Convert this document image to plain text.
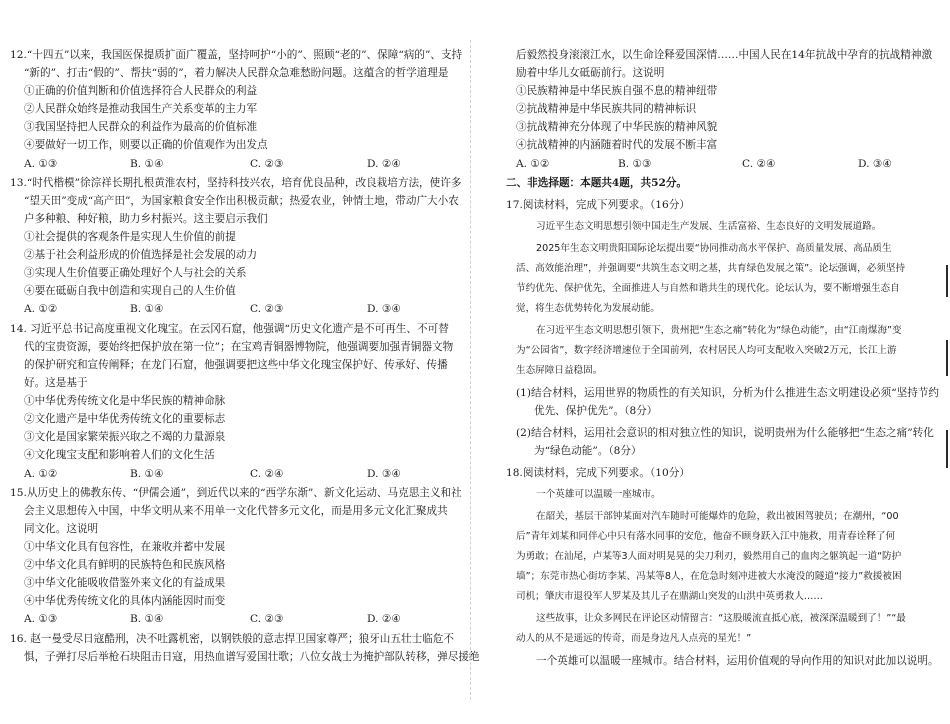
12.“十四五”以来，我国医保提质扩面广覆盖，坚持呵护“小的”、照顾“老的”、保障“病的”、支持
“新的”、打击“假的”、帮扶“弱的”，着力解决人民群众急难愁盼问题。这蕴含的哲学道理是
①正确的价值判断和价值选择符合人民群众的利益
②人民群众始终是推动我国生产关系变革的主力军
③我国坚持把人民群众的利益作为最高的价值标准
④要做好一切工作，则要以正确的价值观作为出发点
A. ①③	B. ①④	C. ②③	D. ②④
13.“时代楷模”徐淙祥长期扎根黄淮农村，坚持科技兴农，培育优良品种，改良栽培方法，使许多
“望天田”变成“高产田”，为国家粮食安全作出积极贡献；热爱农业，钟情土地，带动广大小农
户多种粮、种好粮，助力乡村振兴。这主要启示我们
①社会提供的客观条件是实现人生价值的前提
②基于社会利益形成的价值选择是社会发展的动力
③实现人生价值要正确处理好个人与社会的关系
④要在砥砺自我中创造和实现自己的人生价值
A. ①②	B. ①④	C. ②③	D. ③④
14. 习近平总书记高度重视文化瑰宝。在云冈石窟，他强调“历史文化遗产是不可再生、不可替
代的宝贵资源，要始终把保护放在第一位”；在宝鸡青铜器博物院，他强调要加强青铜器文物
的保护研究和宣传阐释；在龙门石窟，他强调要把这些中华文化瑰宝保护好、传承好、传播
好。这是基于
①中华优秀传统文化是中华民族的精神命脉
②文化遗产是中华优秀传统文化的重要标志
③文化是国家繁荣振兴取之不竭的力量源泉
④文化瑰宝支配和影响着人们的文化生活
A. ①②	B. ①④	C. ②④	D. ③④
15.从历史上的佛教东传、“伊儒会通”，到近代以来的“西学东渐”、新文化运动、马克思主义和社
会主义思想传入中国，中华文明从来不用单一文化代替多元文化，而是用多元文化汇聚成共
同文化。这说明
①中华文化具有包容性，在兼收并蓄中发展
②中华文化具有鲜明的民族特色和民族风格
③中华文化能吸收借鉴外来文化的有益成果
④中华优秀传统文化的具体内涵能因时而变
A. ①③	B. ①④	C. ②③	D. ②④
16. 赵一曼受尽日寇酷刑，决不吐露机密，以钢铁般的意志捍卫国家尊严；狼牙山五壮士临危不
惧，子弹打尽后举枪石块阻击日寇，用热血谱写爱国壮歌；八位女战士为掩护部队转移，弹尽援绝
后毅然投身滚滚江水，以生命诠释爱国深情……中国人民在14年抗战中孕育的抗战精神激
励着中华儿女砥砺前行。这说明
①民族精神是中华民族自强不息的精神纽带
②抗战精神是中华民族共同的精神标识
③抗战精神充分体现了中华民族的精神风貌
④抗战精神的内涵随着时代的发展不断丰富
A. ①②	B. ①③	C. ②④	D. ③④
二、非选择题：本题共4题，共52分。
17.阅读材料，完成下列要求。（16分）
习近平生态文明思想引领中国走生产发展、生活富裕、生态良好的文明发展道路。
2025年生态文明贵阳国际论坛提出要“协同推动高水平保护、高质量发展、高品质生
活、高效能治理”，并强调要“共筑生态文明之基，共育绿色发展之策”。论坛强调，必须坚持
节约优先、保护优先，全面推进人与自然和谐共生的现代化。论坛认为，要不断增强生态自
觉，将生态优势转化为发展动能。
在习近平生态文明思想引领下，贵州把“生态之痛”转化为“绿色动能”，由“江南煤海”变
为“公园省”，数字经济增速位于全国前列，农村居民人均可支配收入突破2万元，长江上游
生态屏障日益稳固。
(1)结合材料，运用世界的物质性的有关知识，分析为什么推进生态文明建设必须“坚持节约
优先、保护优先”。（8分）
(2)结合材料，运用社会意识的相对独立性的知识，说明贵州为什么能够把“生态之痛”转化
为“绿色动能”。（8分）
18.阅读材料，完成下列要求。（10分）
一个英雄可以温暖一座城市。
在韶关，基层干部钟某面对汽车随时可能爆炸的危险，救出被困驾驶员；在潮州，“00
后”青年刘某和同伴心中只有落水同事的安危，他奋不顾身跃入江中施救，用青春诠释了何
为勇敢；在汕尾，卢某等3人面对明晃晃的尖刀利刃，毅然用自己的血肉之躯筑起一道“防护
墙”；东莞市热心街坊李某、冯某等8人，在危急时刻冲进被大水淹没的隧道“接力”救援被困
司机；肇庆市退役军人罗某及其儿子在鼎湖山突发的山洪中英勇救人……
这些故事，让众多网民在评论区动情留言：“这股暖流直抵心底，被深深温暖到了！”“最
动人的从不是遥远的传奇，而是身边凡人点亮的星光！”
一个英雄可以温暖一座城市。结合材料，运用价值观的导向作用的知识对此加以说明。
